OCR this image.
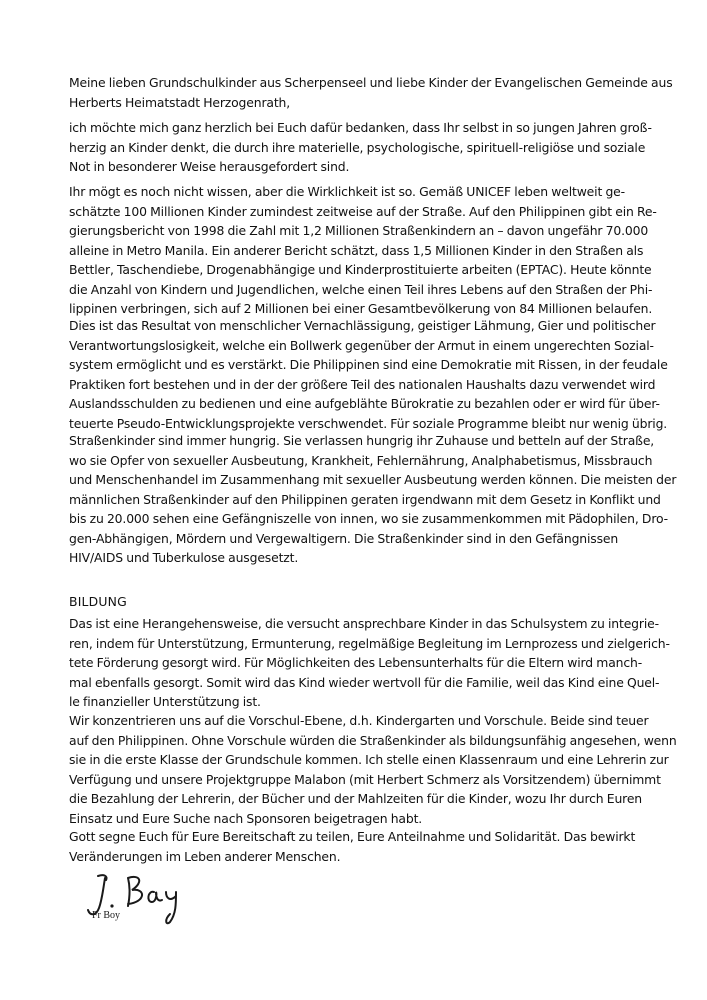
Meine lieben Grundschulkinder aus Scherpenseel und liebe Kinder der Evangelischen Gemeinde aus
Herberts Heimatstadt Herzogenrath,
ich möchte mich ganz herzlich bei Euch dafür bedanken, dass Ihr selbst in so jungen Jahren groß-
herzig an Kinder denkt, die durch ihre materielle, psychologische, spirituell-religiöse und soziale
Not in besonderer Weise herausgefordert sind.
Ihr mögt es noch nicht wissen, aber die Wirklichkeit ist so. Gemäß UNICEF leben weltweit ge-
schätzte 100 Millionen Kinder zumindest zeitweise auf der Straße. Auf den Philippinen gibt ein Re-
gierungsbericht von 1998 die Zahl mit 1,2 Millionen Straßenkindern an – davon ungefähr 70.000
alleine in Metro Manila. Ein anderer Bericht schätzt, dass 1,5 Millionen Kinder in den Straßen als
Bettler, Taschendiebe, Drogenabhängige und Kinderprostituierte arbeiten (EPTAC). Heute könnte
die Anzahl von Kindern und Jugendlichen, welche einen Teil ihres Lebens auf den Straßen der Phi-
lippinen verbringen, sich auf 2 Millionen bei einer Gesamtbevölkerung von 84 Millionen belaufen.
Dies ist das Resultat von menschlicher Vernachlässigung, geistiger Lähmung, Gier und politischer
Verantwortungslosigkeit, welche ein Bollwerk gegenüber der Armut in einem ungerechten Sozial-
system ermöglicht und es verstärkt. Die Philippinen sind eine Demokratie mit Rissen, in der feudale
Praktiken fort bestehen und in der der größere Teil des nationalen Haushalts dazu verwendet wird
Auslandsschulden zu bedienen und eine aufgeblähte Bürokratie zu bezahlen oder er wird für über-
teuerte Pseudo-Entwicklungsprojekte verschwendet. Für soziale Programme bleibt nur wenig übrig.
Straßenkinder sind immer hungrig. Sie verlassen hungrig ihr Zuhause und betteln auf der Straße,
wo sie Opfer von sexueller Ausbeutung, Krankheit, Fehlernährung, Analphabetismus, Missbrauch
und Menschenhandel im Zusammenhang mit sexueller Ausbeutung werden können. Die meisten der
männlichen Straßenkinder auf den Philippinen geraten irgendwann mit dem Gesetz in Konflikt und
bis zu 20.000 sehen eine Gefängniszelle von innen, wo sie zusammenkommen mit Pädophilen, Dro-
gen-Abhängigen, Mördern und Vergewaltigern. Die Straßenkinder sind in den Gefängnissen
HIV/AIDS und Tuberkulose ausgesetzt.
BILDUNG
Das ist eine Herangehensweise, die versucht ansprechbare Kinder in das Schulsystem zu integrie-
ren, indem für Unterstützung, Ermunterung, regelmäßige Begleitung im Lernprozess und zielgerich-
tete Förderung gesorgt wird. Für Möglichkeiten des Lebensunterhalts für die Eltern wird manch-
mal ebenfalls gesorgt. Somit wird das Kind wieder wertvoll für die Familie, weil das Kind eine Quel-
le finanzieller Unterstützung ist.
Wir konzentrieren uns auf die Vorschul-Ebene, d.h. Kindergarten und Vorschule. Beide sind teuer
auf den Philippinen. Ohne Vorschule würden die Straßenkinder als bildungsunfähig angesehen, wenn
sie in die erste Klasse der Grundschule kommen. Ich stelle einen Klassenraum und eine Lehrerin zur
Verfügung und unsere Projektgruppe Malabon (mit Herbert Schmerz als Vorsitzendem) übernimmt
die Bezahlung der Lehrerin, der Bücher und der Mahlzeiten für die Kinder, wozu Ihr durch Euren
Einsatz und Eure Suche nach Sponsoren beigetragen habt.
Gott segne Euch für Eure Bereitschaft zu teilen, Eure Anteilnahme und Solidarität. Das bewirkt
Veränderungen im Leben anderer Menschen.
Fr Boy
